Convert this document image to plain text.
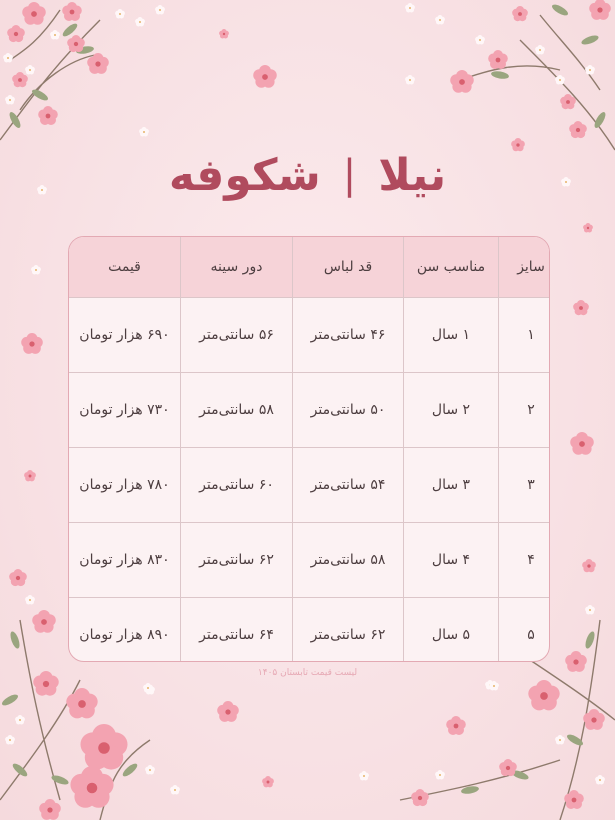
نیلا
|
شکوفه
سایز	مناسب سن	قد لباس	دور سینه	قیمت
۱	۱ سال	۴۶ سانتی‌متر	۵۶ سانتی‌متر	۶۹۰ هزار تومان
۲	۲ سال	۵۰ سانتی‌متر	۵۸ سانتی‌متر	۷۳۰ هزار تومان
۳	۳ سال	۵۴ سانتی‌متر	۶۰ سانتی‌متر	۷۸۰ هزار تومان
۴	۴ سال	۵۸ سانتی‌متر	۶۲ سانتی‌متر	۸۳۰ هزار تومان
۵	۵ سال	۶۲ سانتی‌متر	۶۴ سانتی‌متر	۸۹۰ هزار تومان
لیست قیمت تابستان ۱۴۰۵
